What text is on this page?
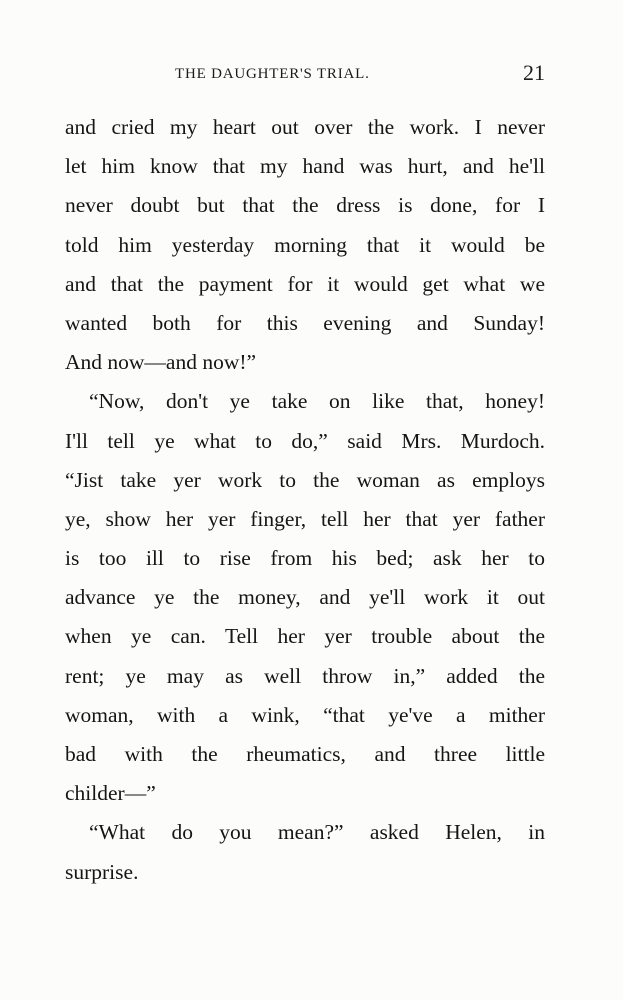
THE DAUGHTER'S TRIAL.	21
and cried my heart out over the work. I never
let him know that my hand was hurt, and he'll
never doubt but that the dress is done, for I
told him yesterday morning that it would be
and that the payment for it would get what we
wanted both for this evening and Sunday!
And now—and now!”
“Now, don't ye take on like that, honey!
I'll tell ye what to do,” said Mrs. Murdoch.
“Jist take yer work to the woman as employs
ye, show her yer finger, tell her that yer father
is too ill to rise from his bed; ask her to
advance ye the money, and ye'll work it out
when ye can. Tell her yer trouble about the
rent; ye may as well throw in,” added the
woman, with a wink, “that ye've a mither
bad with the rheumatics, and three little
childer—”
“What do you mean?” asked Helen, in
surprise.
